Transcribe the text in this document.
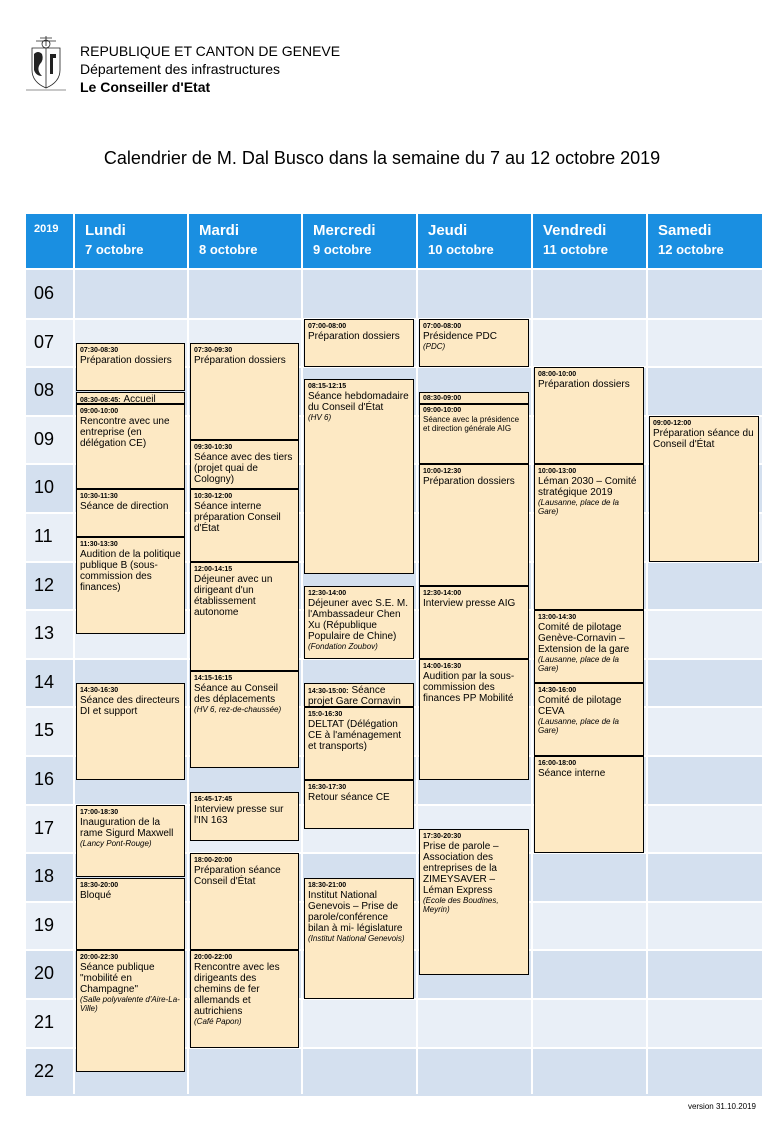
REPUBLIQUE ET CANTON DE GENEVE
Département des infrastructures
Le Conseiller d'Etat
Calendrier de M. Dal Busco dans la semaine du 7 au 12 octobre 2019
2019 Lundi
7 octobre
Mardi
8 octobre
Mercredi
9 octobre
Jeudi
10 octobre
Vendredi
11 octobre
Samedi
12 octobre
06
07
08
09
10
11
12
13
14
15
16
17
18
19
20
21
22
07:30-08:30
Préparation dossiers
08:30-08:45: Accueil
09:00-10:00
Rencontre avec une entreprise (en délégation CE)
10:30-11:30
Séance de direction
11:30-13:30
Audition de la politique publique B (sous-commission des finances)
14:30-16:30
Séance des directeurs DI et support
17:00-18:30
Inauguration de la rame Sigurd Maxwell
(Lancy Pont-Rouge)
18:30-20:00
Bloqué
20:00-22:30
Séance publique "mobilité en Champagne"
(Salle polyvalente d'Aire-La-Ville)
07:30-09:30
Préparation dossiers
09:30-10:30
Séance avec des tiers (projet quai de Cologny)
10:30-12:00
Séance interne préparation Conseil d'État
12:00-14:15
Déjeuner avec un dirigeant d'un établissement autonome
14:15-16:15
Séance au Conseil des déplacements
(HV 6, rez-de-chaussée)
16:45-17:45
Interview presse sur l'IN 163
18:00-20:00
Préparation séance Conseil d'État
20:00-22:00
Rencontre avec les dirigeants des chemins de fer allemands et autrichiens
(Café Papon)
07:00-08:00
Préparation dossiers
08:15-12:15
Séance hebdomadaire du Conseil d'État
(HV 6)
12:30-14:00
Déjeuner avec S.E. M. l'Ambassadeur Chen Xu (République Populaire de Chine)
(Fondation Zoubov)
14:30-15:00: Séance projet Gare Cornavin
15:0-16:30
DELTAT (Délégation CE à l'aménagement et transports)
16:30-17:30
Retour séance CE
18:30-21:00
Institut National Genevois – Prise de parole/conférence bilan à mi- législature
(Institut National Genevois)
07:00-08:00
Présidence PDC
(PDC)
08:30-09:00
09:00-10:00
Séance avec la présidence et direction générale AIG
10:00-12:30
Préparation dossiers
12:30-14:00
Interview presse AIG
14:00-16:30
Audition par la sous-commission des finances PP Mobilité
17:30-20:30
Prise de parole – Association des entreprises de la ZIMEYSAVER – Léman Express
(Ecole des Boudines, Meyrin)
08:00-10:00
Préparation dossiers
10:00-13:00
Léman 2030 – Comité stratégique 2019
(Lausanne, place de la Gare)
13:00-14:30
Comité de pilotage Genève-Cornavin – Extension de la gare
(Lausanne, place de la Gare)
14:30-16:00
Comité de pilotage CEVA
(Lausanne, place de la Gare)
16:00-18:00
Séance interne
09:00-12:00
Préparation séance du Conseil d'État
version 31.10.2019
